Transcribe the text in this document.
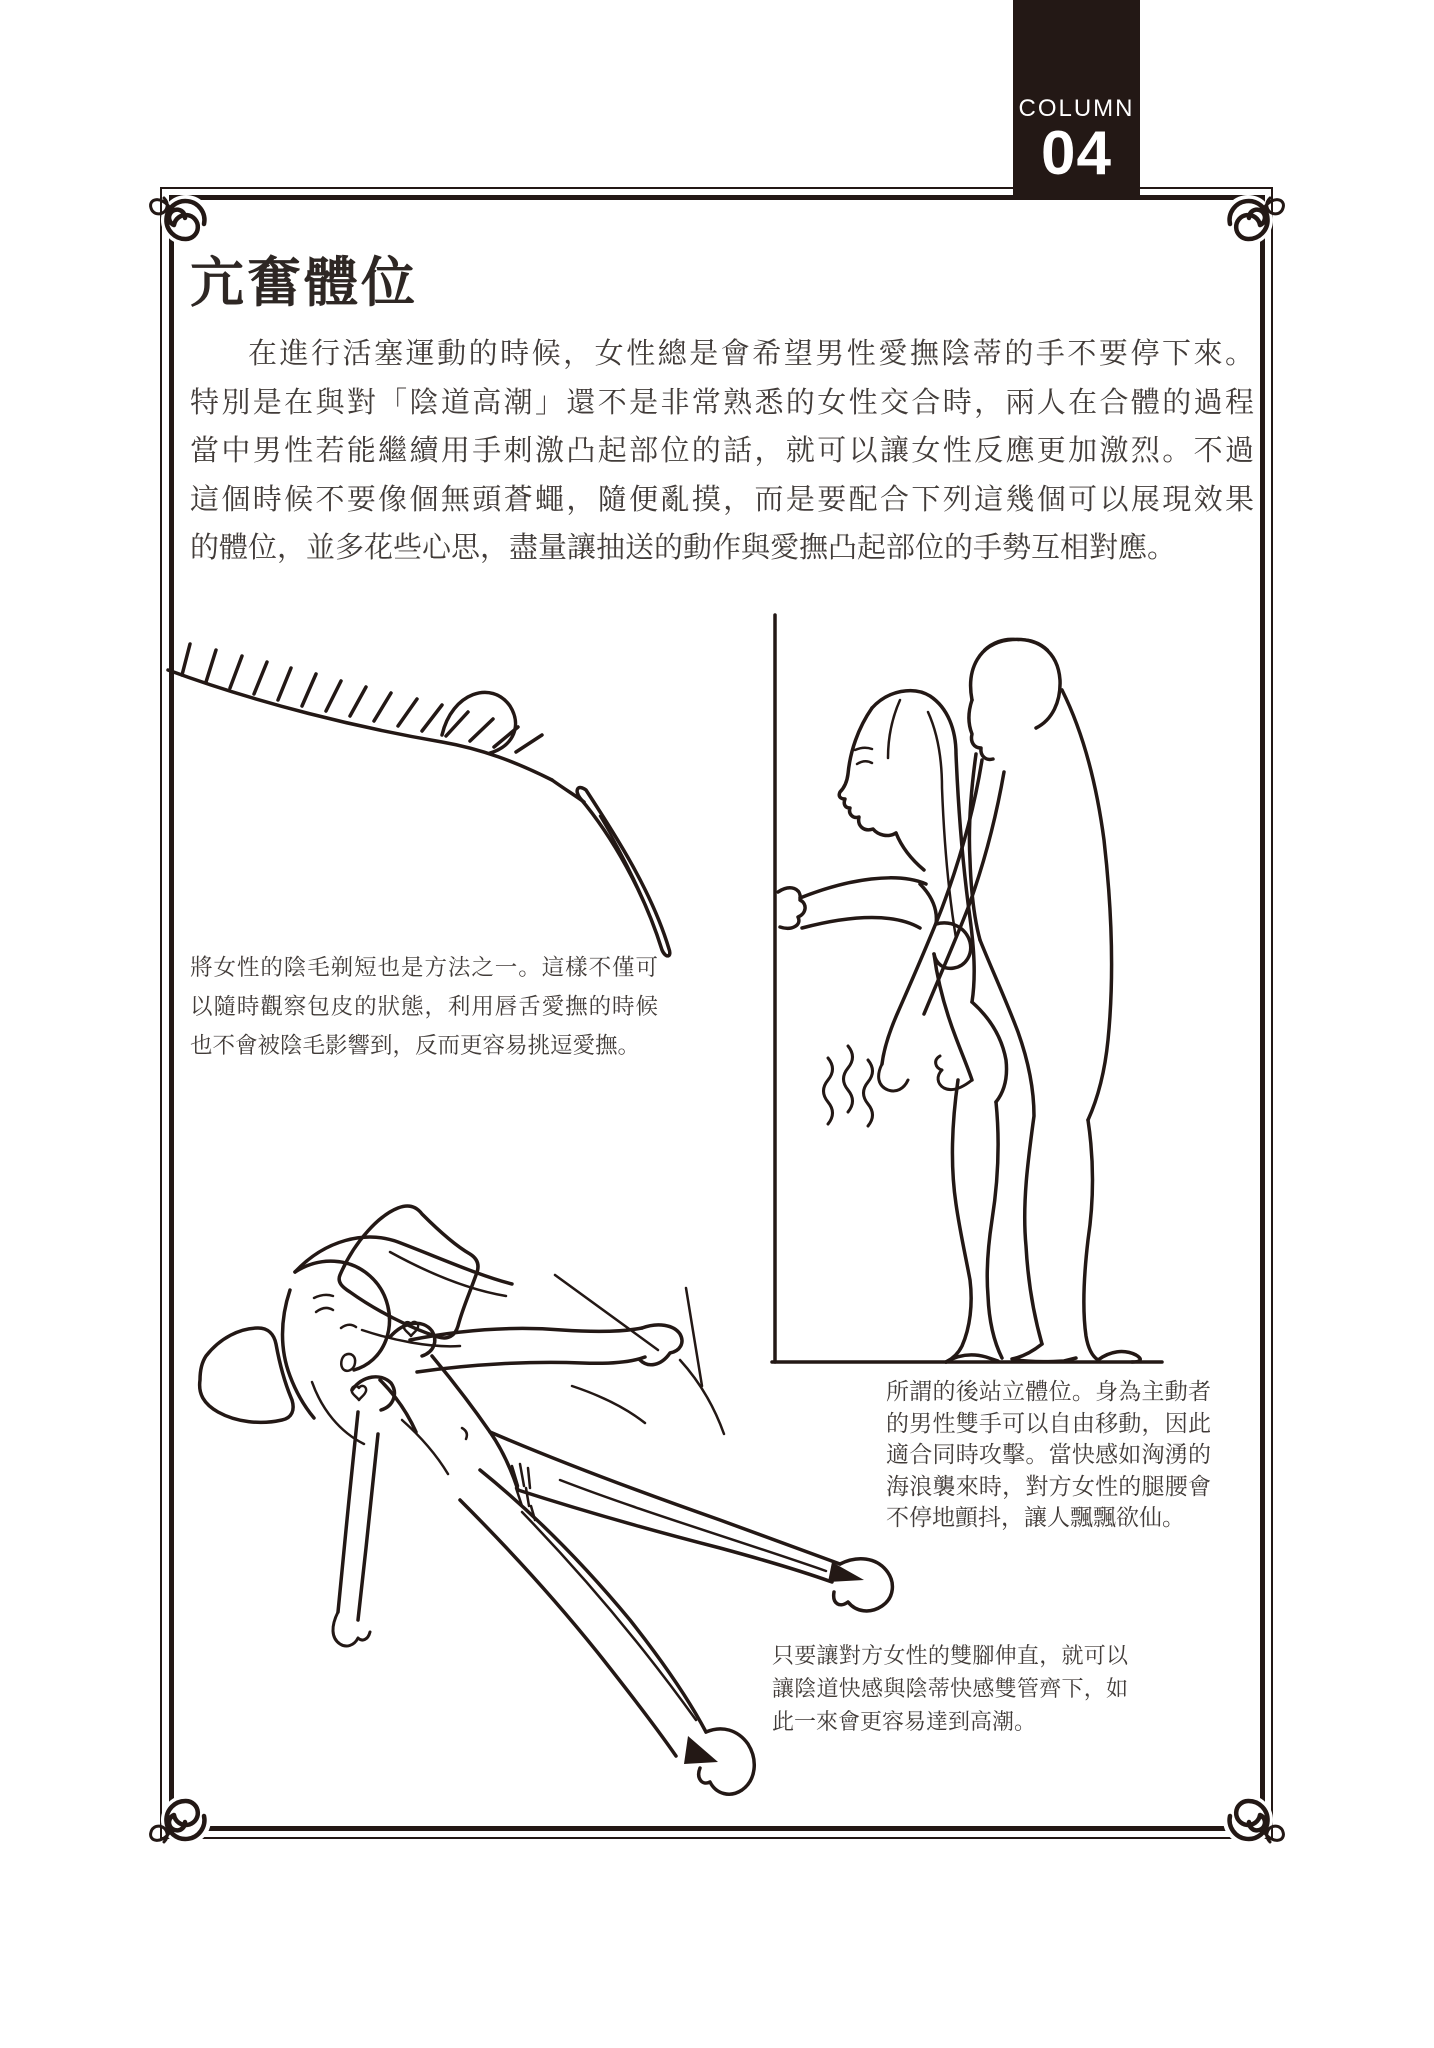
COLUMN
04
亢奮體位
在進行活塞運動的時候，女性總是會希望男性愛撫陰蒂的手不要停下來。
特別是在與對「陰道高潮」還不是非常熟悉的女性交合時，兩人在合體的過程
當中男性若能繼續用手刺激凸起部位的話，就可以讓女性反應更加激烈。不過
這個時候不要像個無頭蒼蠅，隨便亂摸，而是要配合下列這幾個可以展現效果
的體位，並多花些心思，盡量讓抽送的動作與愛撫凸起部位的手勢互相對應。
將女性的陰毛剃短也是方法之一。這樣不僅可
以隨時觀察包皮的狀態，利用唇舌愛撫的時候
也不會被陰毛影響到，反而更容易挑逗愛撫。
所謂的後站立體位。身為主動者
的男性雙手可以自由移動，因此
適合同時攻擊。當快感如洶湧的
海浪襲來時，對方女性的腿腰會
不停地顫抖，讓人飄飄欲仙。
只要讓對方女性的雙腳伸直，就可以
讓陰道快感與陰蒂快感雙管齊下，如
此一來會更容易達到高潮。
